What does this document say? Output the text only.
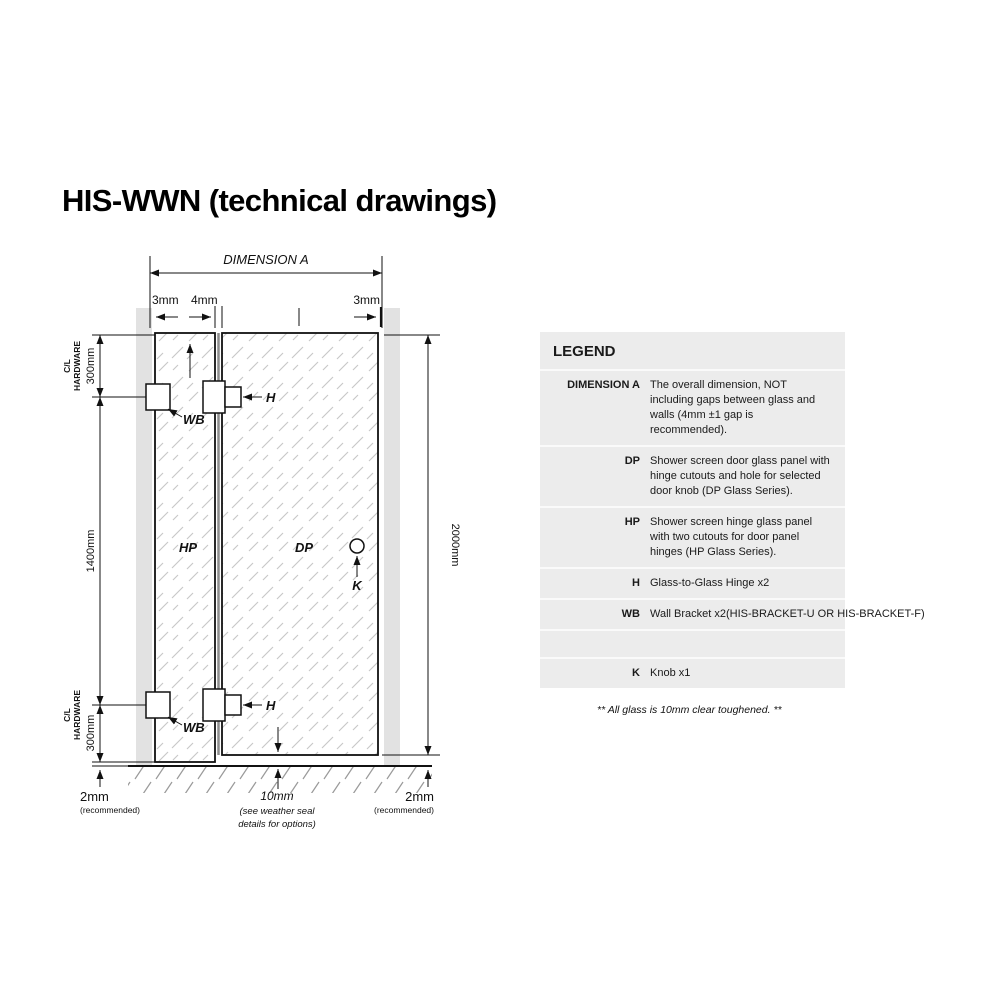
HIS-WWN (technical drawings)
DIMENSION A
3mm 4mm	3mm
300mm
C/L HARDWARE
1400mm
C/L HARDWARE 300mm
2mm
(recommended)
2000mm
2mm
(recommended)
10mm
(see weather seal
details for options)
WB
WB
H
H
HP	DP
K
LEGEND
DIMENSION A The overall dimension, NOT including gaps between glass and walls (4mm ±1 gap is recommended).
DP Shower screen door glass panel with hinge cutouts and hole for selected door knob (DP Glass Series).
HP Shower screen hinge glass panel with two cutouts for door panel hinges (HP Glass Series).
H Glass-to-Glass Hinge x2
WB Wall Bracket x2(HIS-BRACKET-U OR HIS-BRACKET-F)
K Knob x1
** All glass is 10mm clear toughened. **
